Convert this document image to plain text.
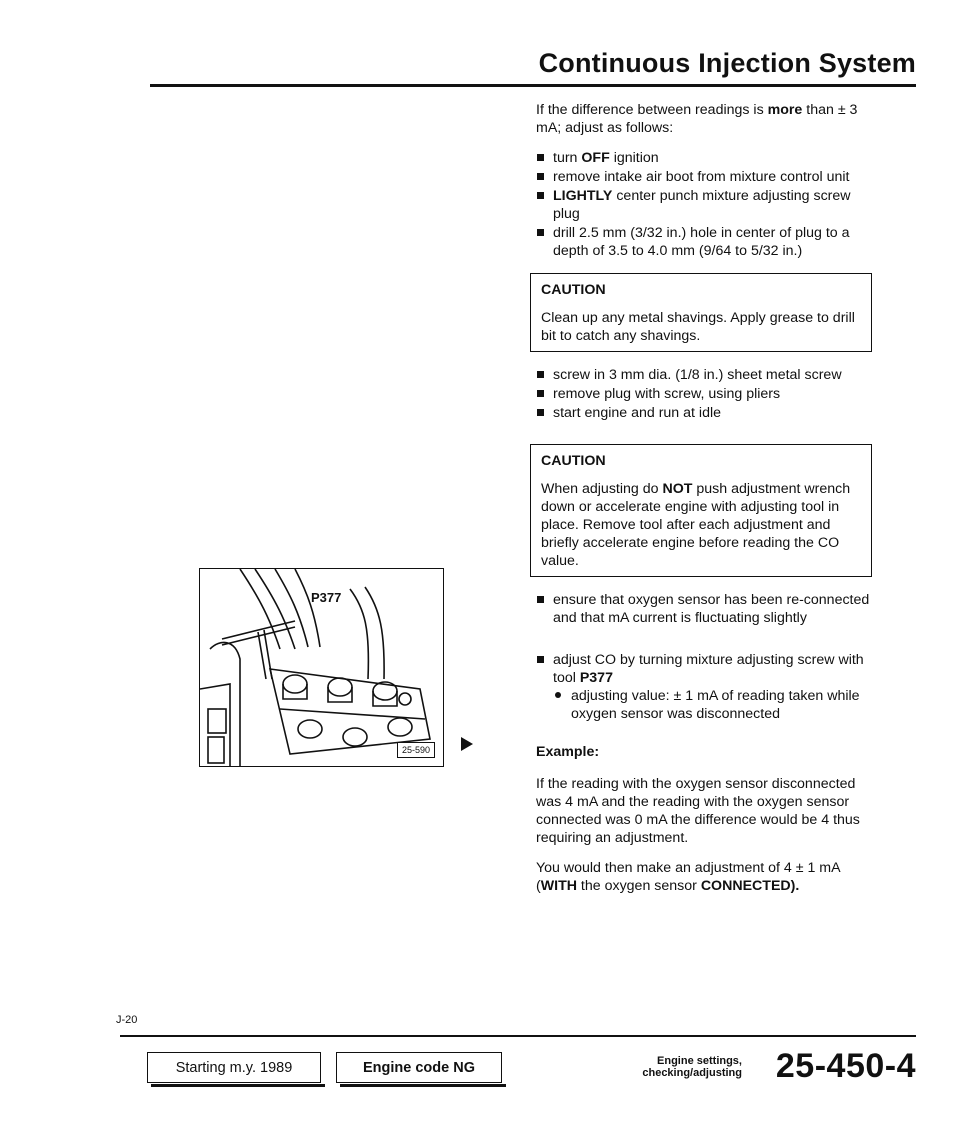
Continuous Injection System

If the difference between readings is more than ± 3 mA; adjust as follows:

turn OFF ignition
remove intake air boot from mixture control unit
LIGHTLY center punch mixture adjusting screw plug
drill 2.5 mm (3/32 in.) hole in center of plug to a depth of 3.5 to 4.0 mm (9/64 to 5/32 in.)
CAUTION
Clean up any metal shavings. Apply grease to drill bit to catch any shavings.
screw in 3 mm dia. (1/8 in.) sheet metal screw
remove plug with screw, using pliers
start engine and run at idle
CAUTION
When adjusting do NOT push adjustment wrench down or accelerate engine with adjusting tool in place. Remove tool after each adjustment and briefly accelerate engine before reading the CO value.
ensure that oxygen sensor has been re-connected and that mA current is fluctuating slightly
adjust CO by turning mixture adjusting screw with tool P377
adjusting value: ± 1 mA of reading taken while oxygen sensor was disconnected
Example:

If the reading with the oxygen sensor disconnected was 4 mA and the reading with the oxygen sensor connected was 0 mA the difference would be 4 thus requiring an adjustment.

You would then make an adjustment of 4 ± 1 mA (WITH the oxygen sensor CONNECTED).

P377
25-590
J-20
Starting m.y. 1989	Engine code NG	Engine settings,
checking/adjusting 25-450-4
